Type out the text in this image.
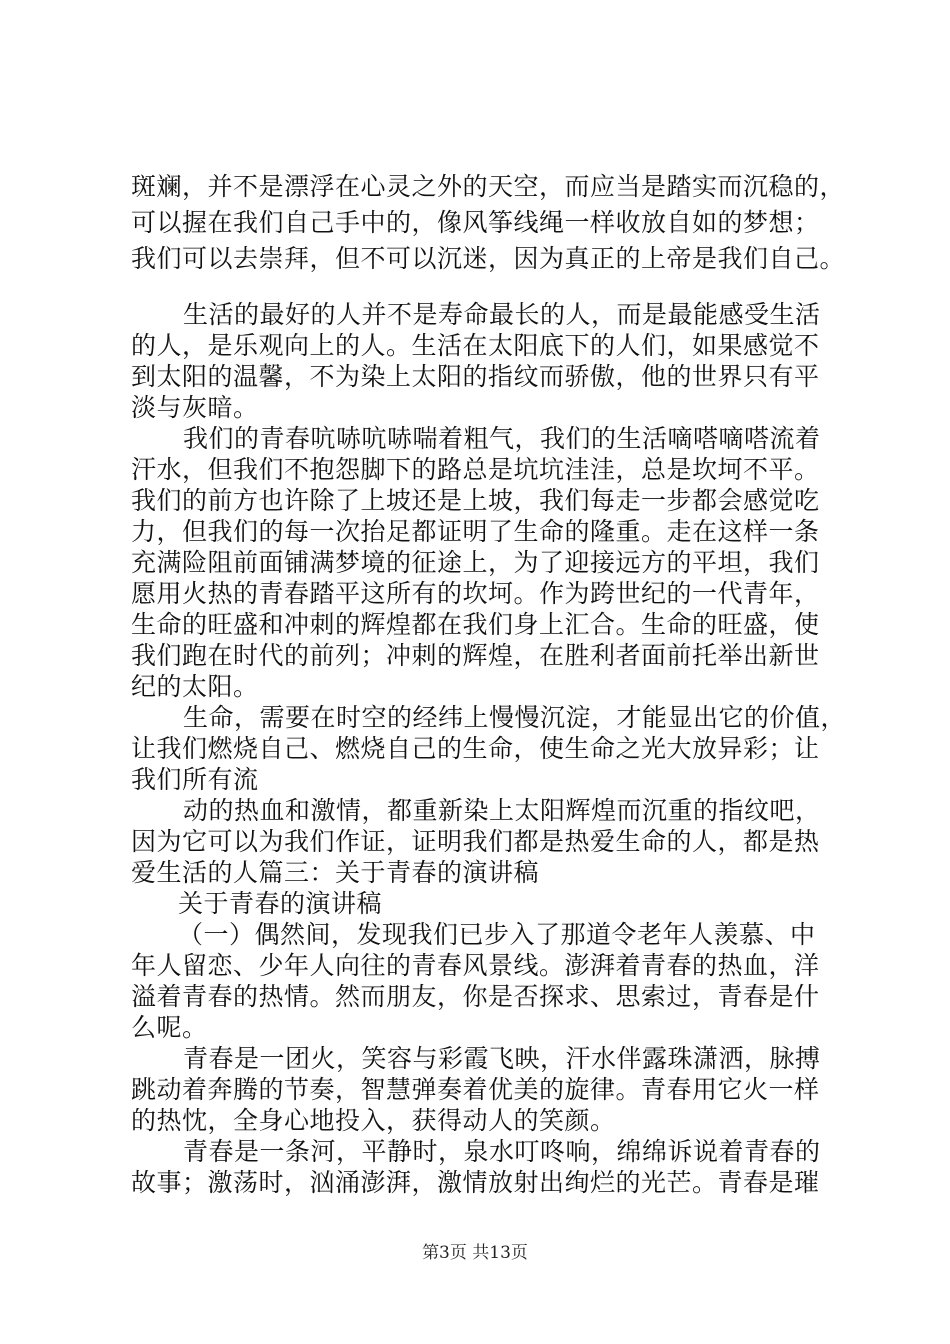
斑斓，并不是漂浮在心灵之外的天空，而应当是踏实而沉稳的，
可以握在我们自己手中的，像风筝线绳一样收放自如的梦想；
我们可以去崇拜，但不可以沉迷，因为真正的上帝是我们自己。
生活的最好的人并不是寿命最长的人，而是最能感受生活
的人，是乐观向上的人。生活在太阳底下的人们，如果感觉不
到太阳的温馨，不为染上太阳的指纹而骄傲，他的世界只有平
淡与灰暗。
我们的青春吭哧吭哧喘着粗气，我们的生活嘀嗒嘀嗒流着
汗水，但我们不抱怨脚下的路总是坑坑洼洼，总是坎坷不平。
我们的前方也许除了上坡还是上坡，我们每走一步都会感觉吃
力，但我们的每一次抬足都证明了生命的隆重。走在这样一条
充满险阻前面铺满梦境的征途上，为了迎接远方的平坦，我们
愿用火热的青春踏平这所有的坎坷。作为跨世纪的一代青年，
生命的旺盛和冲刺的辉煌都在我们身上汇合。生命的旺盛，使
我们跑在时代的前列；冲刺的辉煌，在胜利者面前托举出新世
纪的太阳。
生命，需要在时空的经纬上慢慢沉淀，才能显出它的价值，
让我们燃烧自己、燃烧自己的生命，使生命之光大放异彩；让
我们所有流
动的热血和激情，都重新染上太阳辉煌而沉重的指纹吧，
因为它可以为我们作证，证明我们都是热爱生命的人，都是热
爱生活的人篇三：关于青春的演讲稿
关于青春的演讲稿
（一）偶然间，发现我们已步入了那道令老年人羡慕、中
年人留恋、少年人向往的青春风景线。澎湃着青春的热血，洋
溢着青春的热情。然而朋友，你是否探求、思索过，青春是什
么呢。
青春是一团火，笑容与彩霞飞映，汗水伴露珠潇洒，脉搏
跳动着奔腾的节奏，智慧弹奏着优美的旋律。青春用它火一样
的热忱，全身心地投入，获得动人的笑颜。
青春是一条河，平静时，泉水叮咚响，绵绵诉说着青春的
故事；激荡时，汹涌澎湃，激情放射出绚烂的光芒。青春是璀
第3页 共13页
